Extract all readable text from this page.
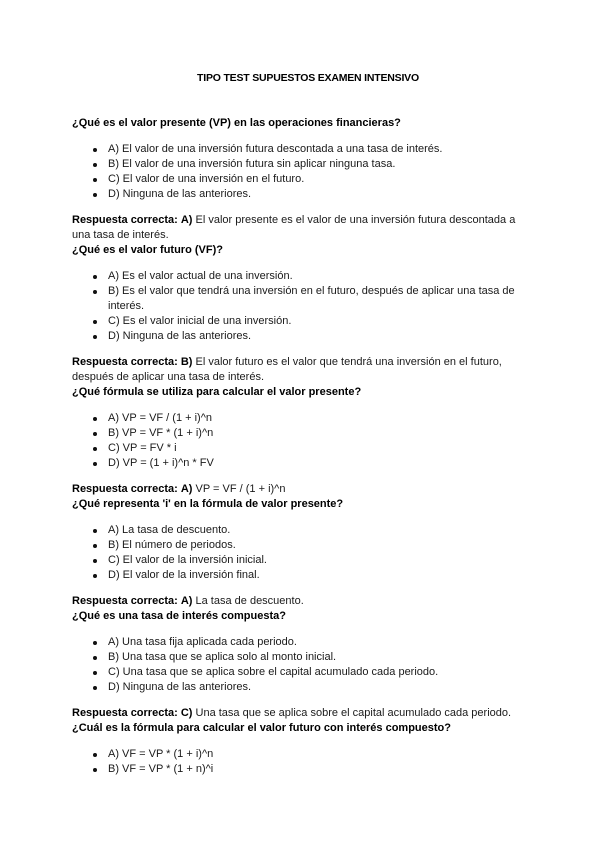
TIPO TEST SUPUESTOS EXAMEN INTENSIVO
¿Qué es el valor presente (VP) en las operaciones financieras?
A) El valor de una inversión futura descontada a una tasa de interés.
B) El valor de una inversión futura sin aplicar ninguna tasa.
C) El valor de una inversión en el futuro.
D) Ninguna de las anteriores.
Respuesta correcta: A) El valor presente es el valor de una inversión futura descontada a una tasa de interés.
¿Qué es el valor futuro (VF)?
A) Es el valor actual de una inversión.
B) Es el valor que tendrá una inversión en el futuro, después de aplicar una tasa de interés.
C) Es el valor inicial de una inversión.
D) Ninguna de las anteriores.
Respuesta correcta: B) El valor futuro es el valor que tendrá una inversión en el futuro, después de aplicar una tasa de interés.
¿Qué fórmula se utiliza para calcular el valor presente?
A) VP = VF / (1 + i)^n
B) VP = VF * (1 + i)^n
C) VP = FV * i
D) VP = (1 + i)^n * FV
Respuesta correcta: A) VP = VF / (1 + i)^n
¿Qué representa 'i' en la fórmula de valor presente?
A) La tasa de descuento.
B) El número de periodos.
C) El valor de la inversión inicial.
D) El valor de la inversión final.
Respuesta correcta: A) La tasa de descuento.
¿Qué es una tasa de interés compuesta?
A) Una tasa fija aplicada cada periodo.
B) Una tasa que se aplica solo al monto inicial.
C) Una tasa que se aplica sobre el capital acumulado cada periodo.
D) Ninguna de las anteriores.
Respuesta correcta: C) Una tasa que se aplica sobre el capital acumulado cada periodo.
¿Cuál es la fórmula para calcular el valor futuro con interés compuesto?
A) VF = VP * (1 + i)^n
B) VF = VP * (1 + n)^i
